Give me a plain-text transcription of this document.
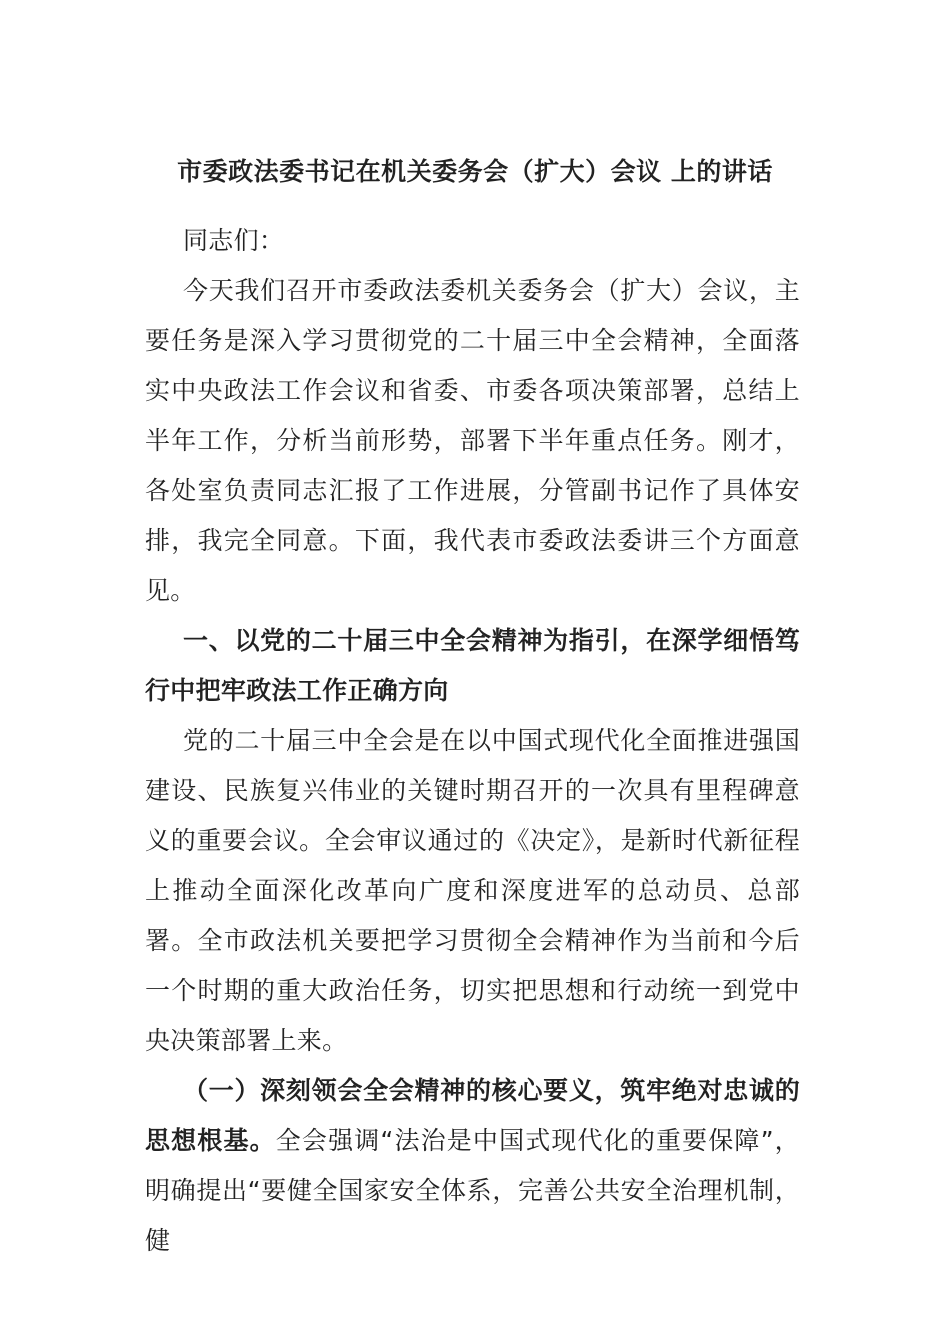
市委政法委书记在机关委务会（扩大）会议 上的讲话

同志们：

今天我们召开市委政法委机关委务会（扩大）会议，主要任务是深入学习贯彻党的二十届三中全会精神，全面落实中央政法工作会议和省委、市委各项决策部署，总结上半年工作，分析当前形势，部署下半年重点任务。刚才，各处室负责同志汇报了工作进展，分管副书记作了具体安排，我完全同意。下面，我代表市委政法委讲三个方面意见。

一、以党的二十届三中全会精神为指引，在深学细悟笃行中把牢政法工作正确方向

党的二十届三中全会是在以中国式现代化全面推进强国建设、民族复兴伟业的关键时期召开的一次具有里程碑意义的重要会议。全会审议通过的《决定》，是新时代新征程上推动全面深化改革向广度和深度进军的总动员、总部署。全市政法机关要把学习贯彻全会精神作为当前和今后一个时期的重大政治任务，切实把思想和行动统一到党中央决策部署上来。

（一）深刻领会全会精神的核心要义，筑牢绝对忠诚的思想根基。全会强调“法治是中国式现代化的重要保障”，明确提出“要健全国家安全体系，完善公共安全治理机制，健
